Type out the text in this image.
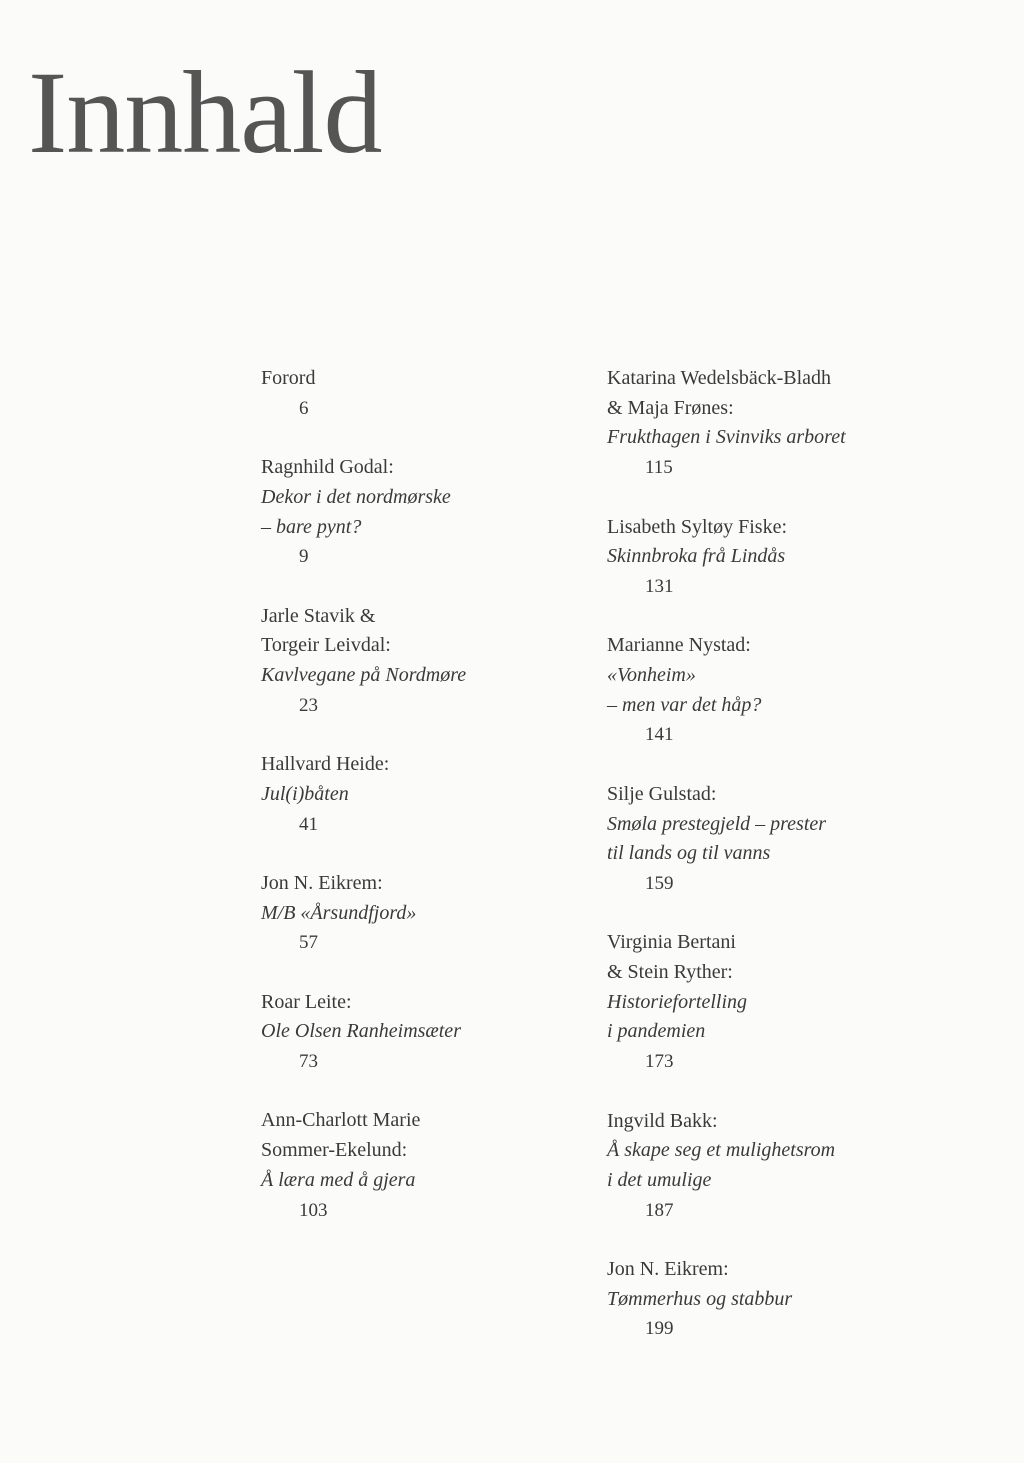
Innhald
Forord
6
Ragnhild Godal:
Dekor i det nordmørske
– bare pynt?
9
Jarle Stavik &
Torgeir Leivdal:
Kavlvegane på Nordmøre
23
Hallvard Heide:
Jul(i)båten
41
Jon N. Eikrem:
M/B «Årsundfjord»
57
Roar Leite:
Ole Olsen Ranheimsæter
73
Ann-Charlott Marie
Sommer-Ekelund:
Å læra med å gjera
103
Katarina Wedelsbäck-Bladh
& Maja Frønes:
Frukthagen i Svinviks arboret
115
Lisabeth Syltøy Fiske:
Skinnbroka frå Lindås
131
Marianne Nystad:
«Vonheim»
– men var det håp?
141
Silje Gulstad:
Smøla prestegjeld – prester
til lands og til vanns
159
Virginia Bertani
& Stein Ryther:
Historiefortelling
i pandemien
173
Ingvild Bakk:
Å skape seg et mulighetsrom
i det umulige
187
Jon N. Eikrem:
Tømmerhus og stabbur
199
